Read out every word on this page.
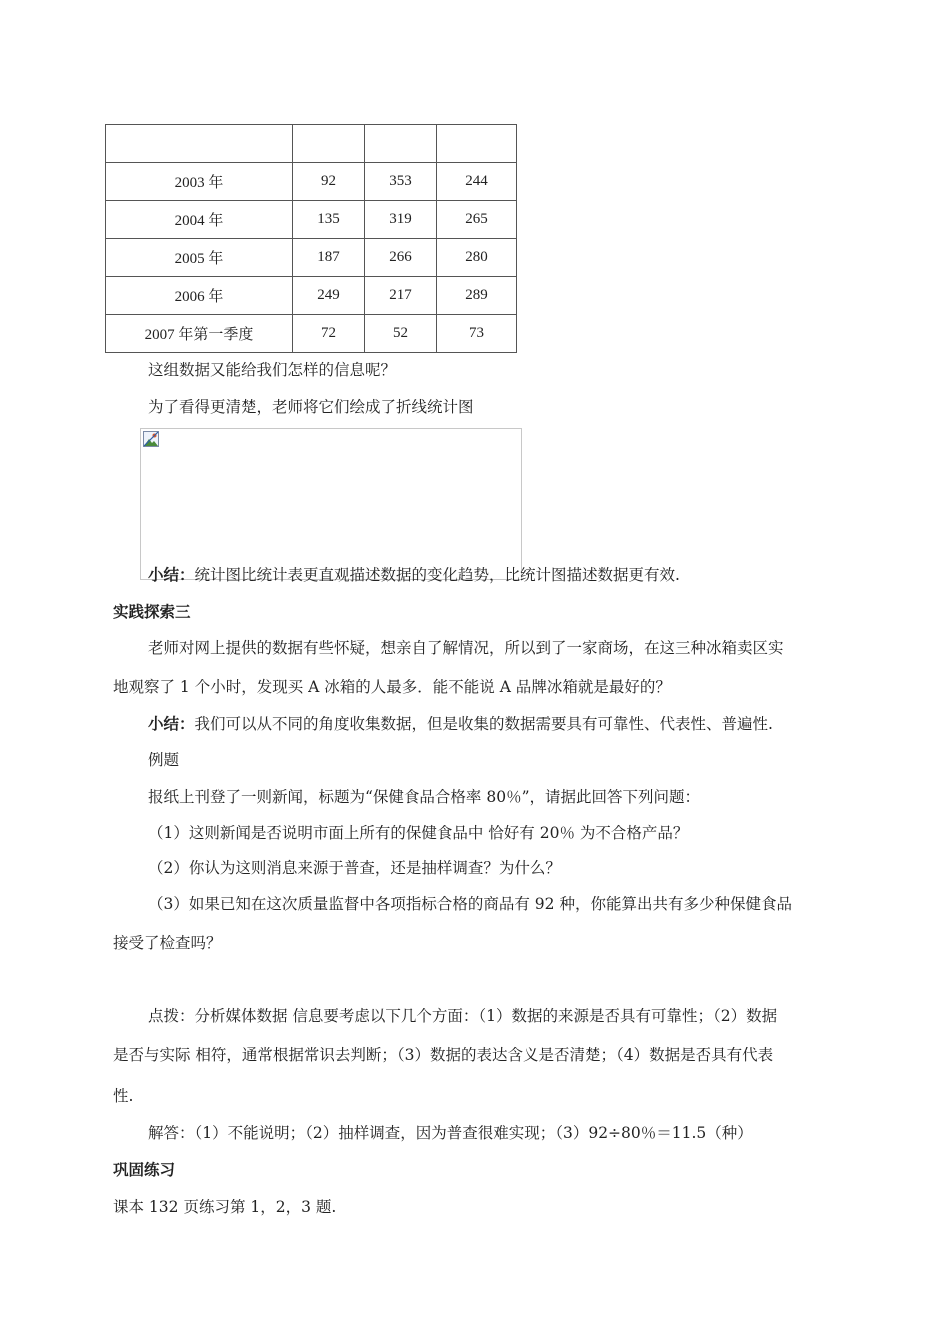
2003 年	92	353	244
2004 年	135	319	265
2005 年	187	266	280
2006 年	249	217	289
2007 年第一季度	72	52	73
这组数据又能给我们怎样的信息呢？
为了看得更清楚，老师将它们绘成了折线统计图
小结：统计图比统计表更直观描述数据的变化趋势，比统计图描述数据更有效.
实践探索三
老师对网上提供的数据有些怀疑，想亲自了解情况，所以到了一家商场，在这三种冰箱卖区实
地观察了 1 个小时，发现买 A 冰箱的人最多．能不能说 A 品牌冰箱就是最好的？
小结：我们可以从不同的角度收集数据，但是收集的数据需要具有可靠性、代表性、普遍性.
例题
报纸上刊登了一则新闻，标题为“保健食品合格率 80％”，请据此回答下列问题：
（1）这则新闻是否说明市面上所有的保健食品中 恰好有 20％ 为不合格产品？
（2）你认为这则消息来源于普查，还是抽样调查？为什么？
（3）如果已知在这次质量监督中各项指标合格的商品有 92 种，你能算出共有多少种保健食品
接受了检查吗？
点拨：分析媒体数据 信息要考虑以下几个方面：（1）数据的来源是否具有可靠性；（2）数据
是否与实际 相符，通常根据常识去判断；（3）数据的表达含义是否清楚；（4）数据是否具有代表
性.
解答：（1）不能说明；（2）抽样调查，因为普查很难实现；（3）92÷80％＝11.5（种）
巩固练习
课本 132 页练习第 1，2，3 题.
